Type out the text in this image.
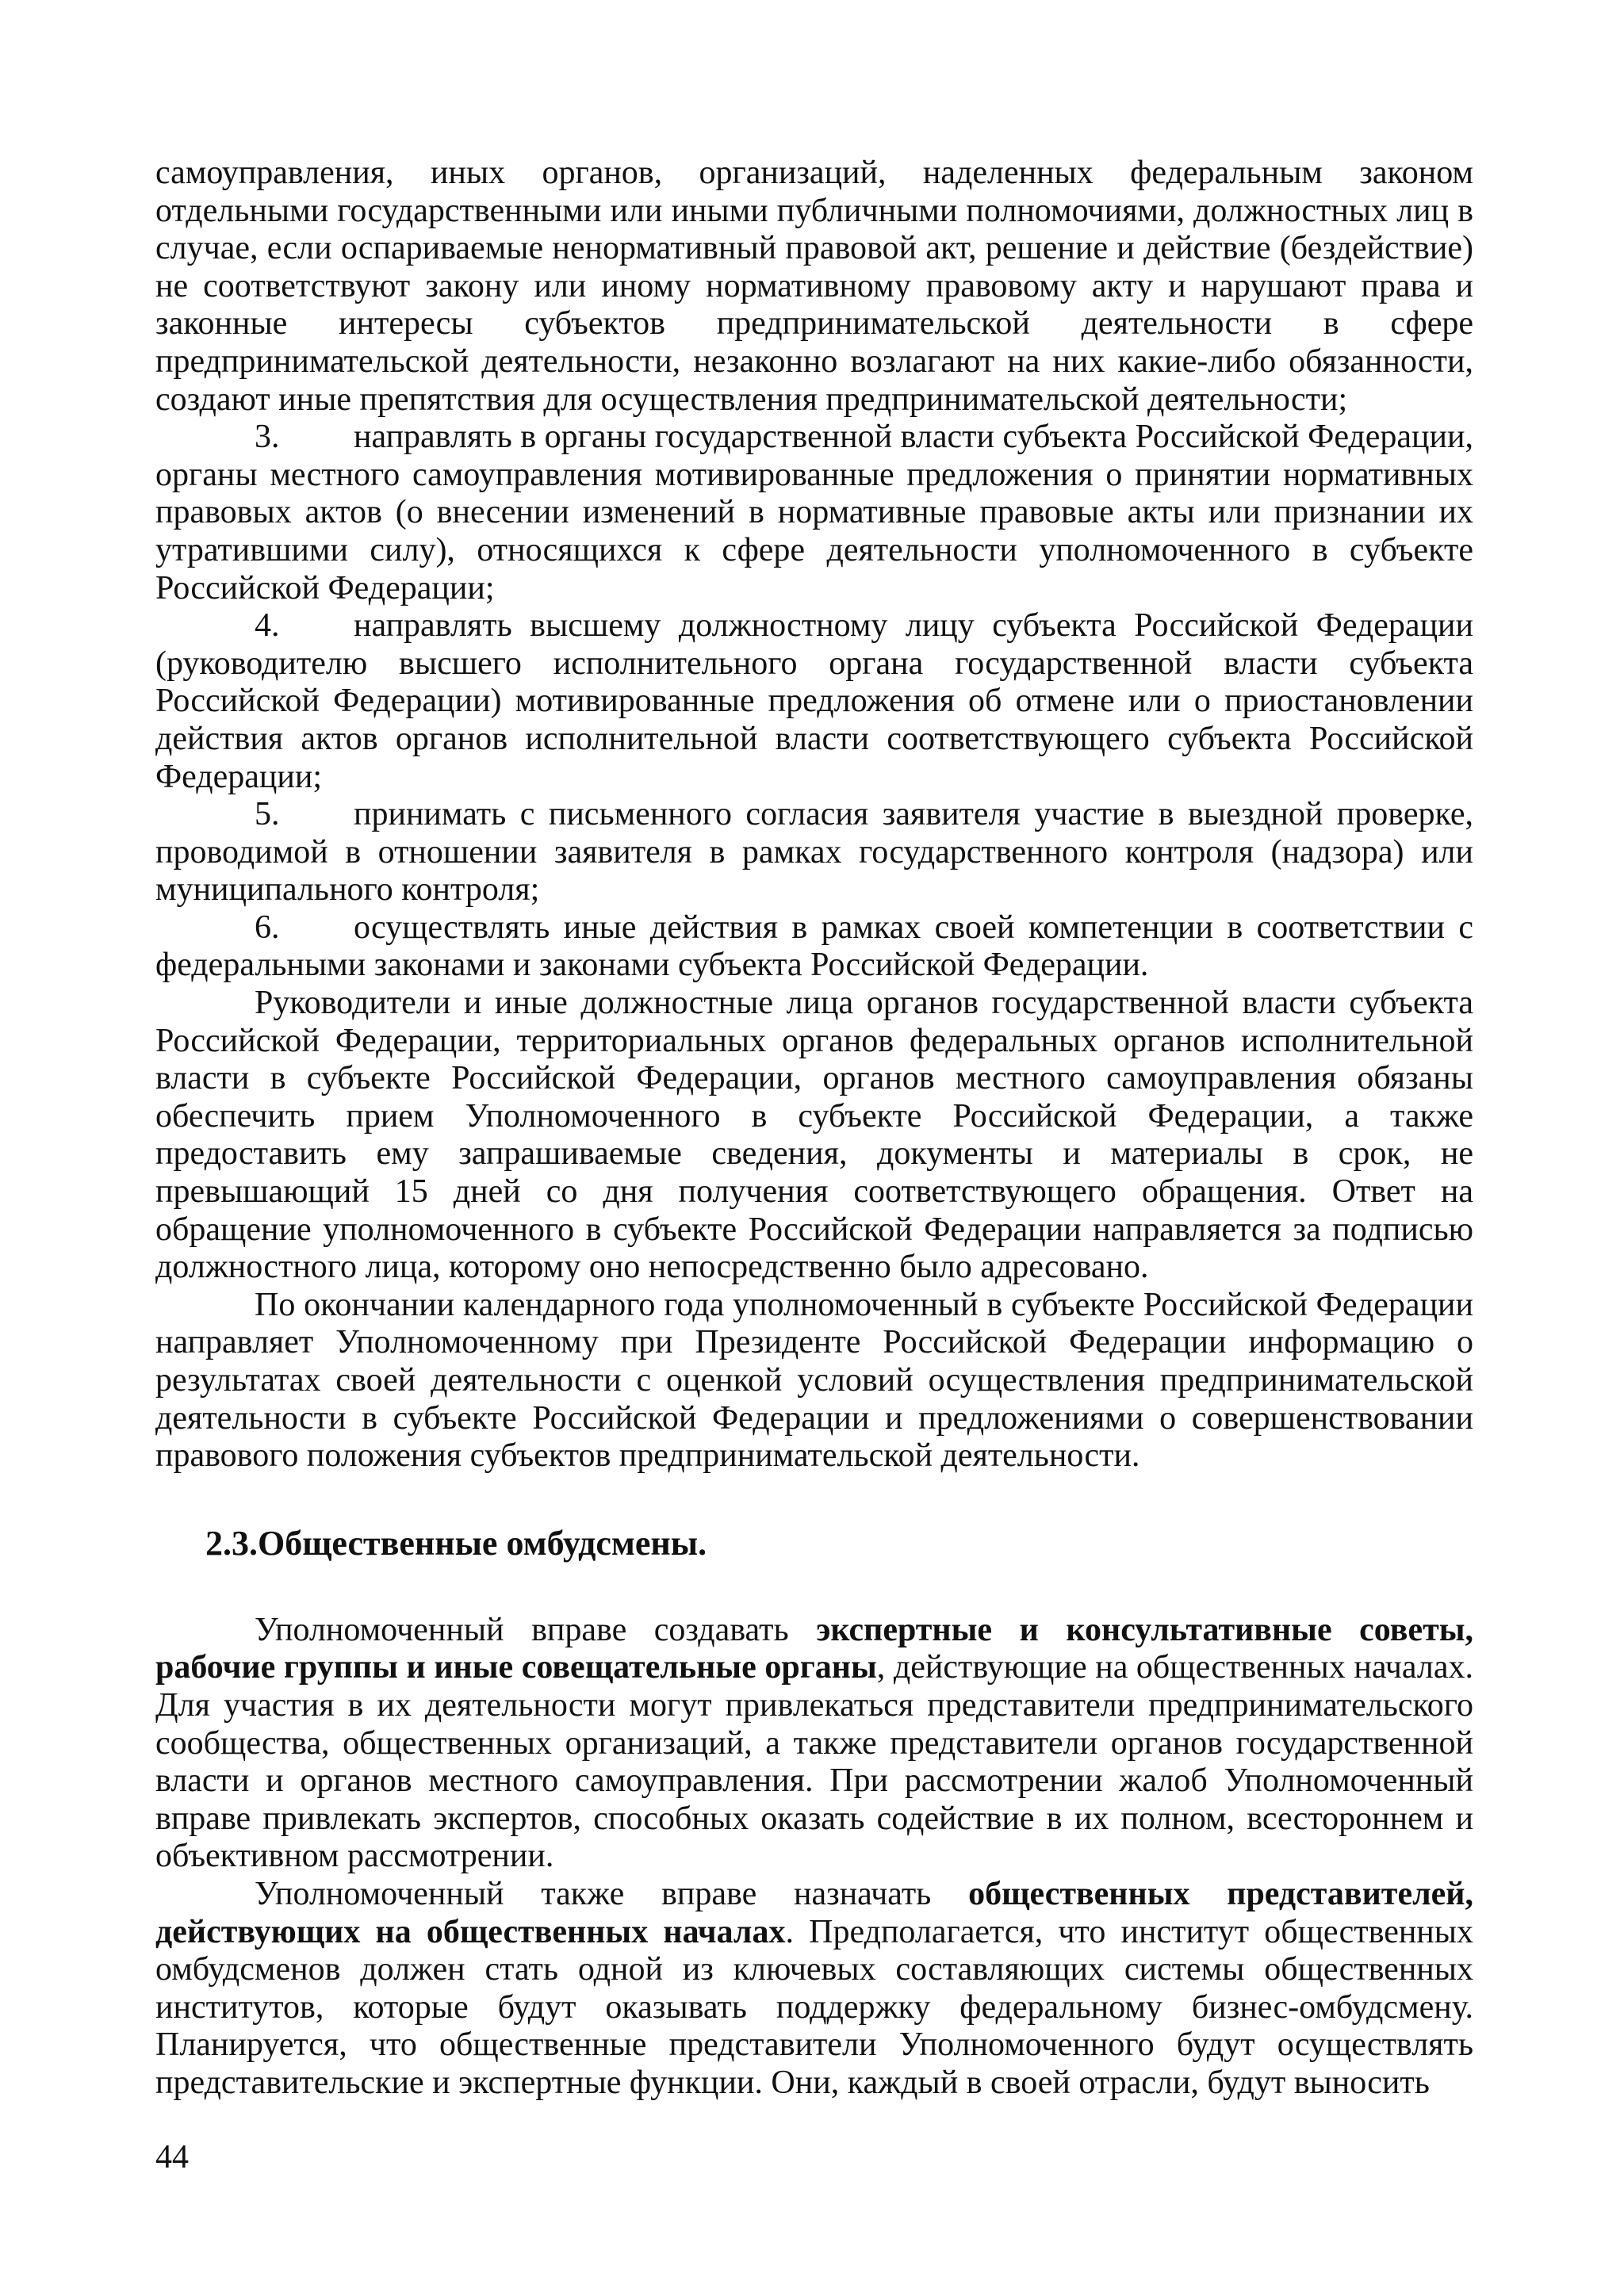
самоуправления, иных органов, организаций, наделенных федеральным законом отдельными государственными или иными публичными полномочиями, должностных лиц в случае, если оспариваемые ненормативный правовой акт, решение и действие (бездействие) не соответствуют закону или иному нормативному правовому акту и нарушают права и законные интересы субъектов предпринимательской деятельности в сфере предпринимательской деятельности, незаконно возлагают на них какие-либо обязанности, создают иные препятствия для осуществления предпринимательской деятельности;

3. направлять в органы государственной власти субъекта Российской Федерации, органы местного самоуправления мотивированные предложения о принятии нормативных правовых актов (о внесении изменений в нормативные правовые акты или признании их утратившими силу), относящихся к сфере деятельности уполномоченного в субъекте Российской Федерации;

4. направлять высшему должностному лицу субъекта Российской Федерации (руководителю высшего исполнительного органа государственной власти субъекта Российской Федерации) мотивированные предложения об отмене или о приостановлении действия актов органов исполнительной власти соответствующего субъекта Российской Федерации;

5. принимать с письменного согласия заявителя участие в выездной проверке, проводимой в отношении заявителя в рамках государственного контроля (надзора) или муниципального контроля;

6. осуществлять иные действия в рамках своей компетенции в соответствии с федеральными законами и законами субъекта Российской Федерации.

Руководители и иные должностные лица органов государственной власти субъекта Российской Федерации, территориальных органов федеральных органов исполнительной власти в субъекте Российской Федерации, органов местного самоуправления обязаны обеспечить прием Уполномоченного в субъекте Российской Федерации, а также предоставить ему запрашиваемые сведения, документы и материалы в срок, не превышающий 15 дней со дня получения соответствующего обращения. Ответ на обращение уполномоченного в субъекте Российской Федерации направляется за подписью должностного лица, которому оно непосредственно было адресовано.

По окончании календарного года уполномоченный в субъекте Российской Федерации направляет Уполномоченному при Президенте Российской Федерации информацию о результатах своей деятельности с оценкой условий осуществления предпринимательской деятельности в субъекте Российской Федерации и предложениями о совершенствовании правового положения субъектов предпринимательской деятельности.

2.3.Общественные омбудсмены.

Уполномоченный вправе создавать экспертные и консультативные советы, рабочие группы и иные совещательные органы, действующие на общественных началах. Для участия в их деятельности могут привлекаться представители предпринимательского сообщества, общественных организаций, а также представители органов государственной власти и органов местного самоуправления. При рассмотрении жалоб Уполномоченный вправе привлекать экспертов, способных оказать содействие в их полном, всестороннем и объективном рассмотрении.

Уполномоченный также вправе назначать общественных представителей, действующих на общественных началах. Предполагается, что институт общественных омбудсменов должен стать одной из ключевых составляющих системы общественных институтов, которые будут оказывать поддержку федеральному бизнес-омбудсмену. Планируется, что общественные представители Уполномоченного будут осуществлять представительские и экспертные функции. Они, каждый в своей отрасли, будут выносить

44
